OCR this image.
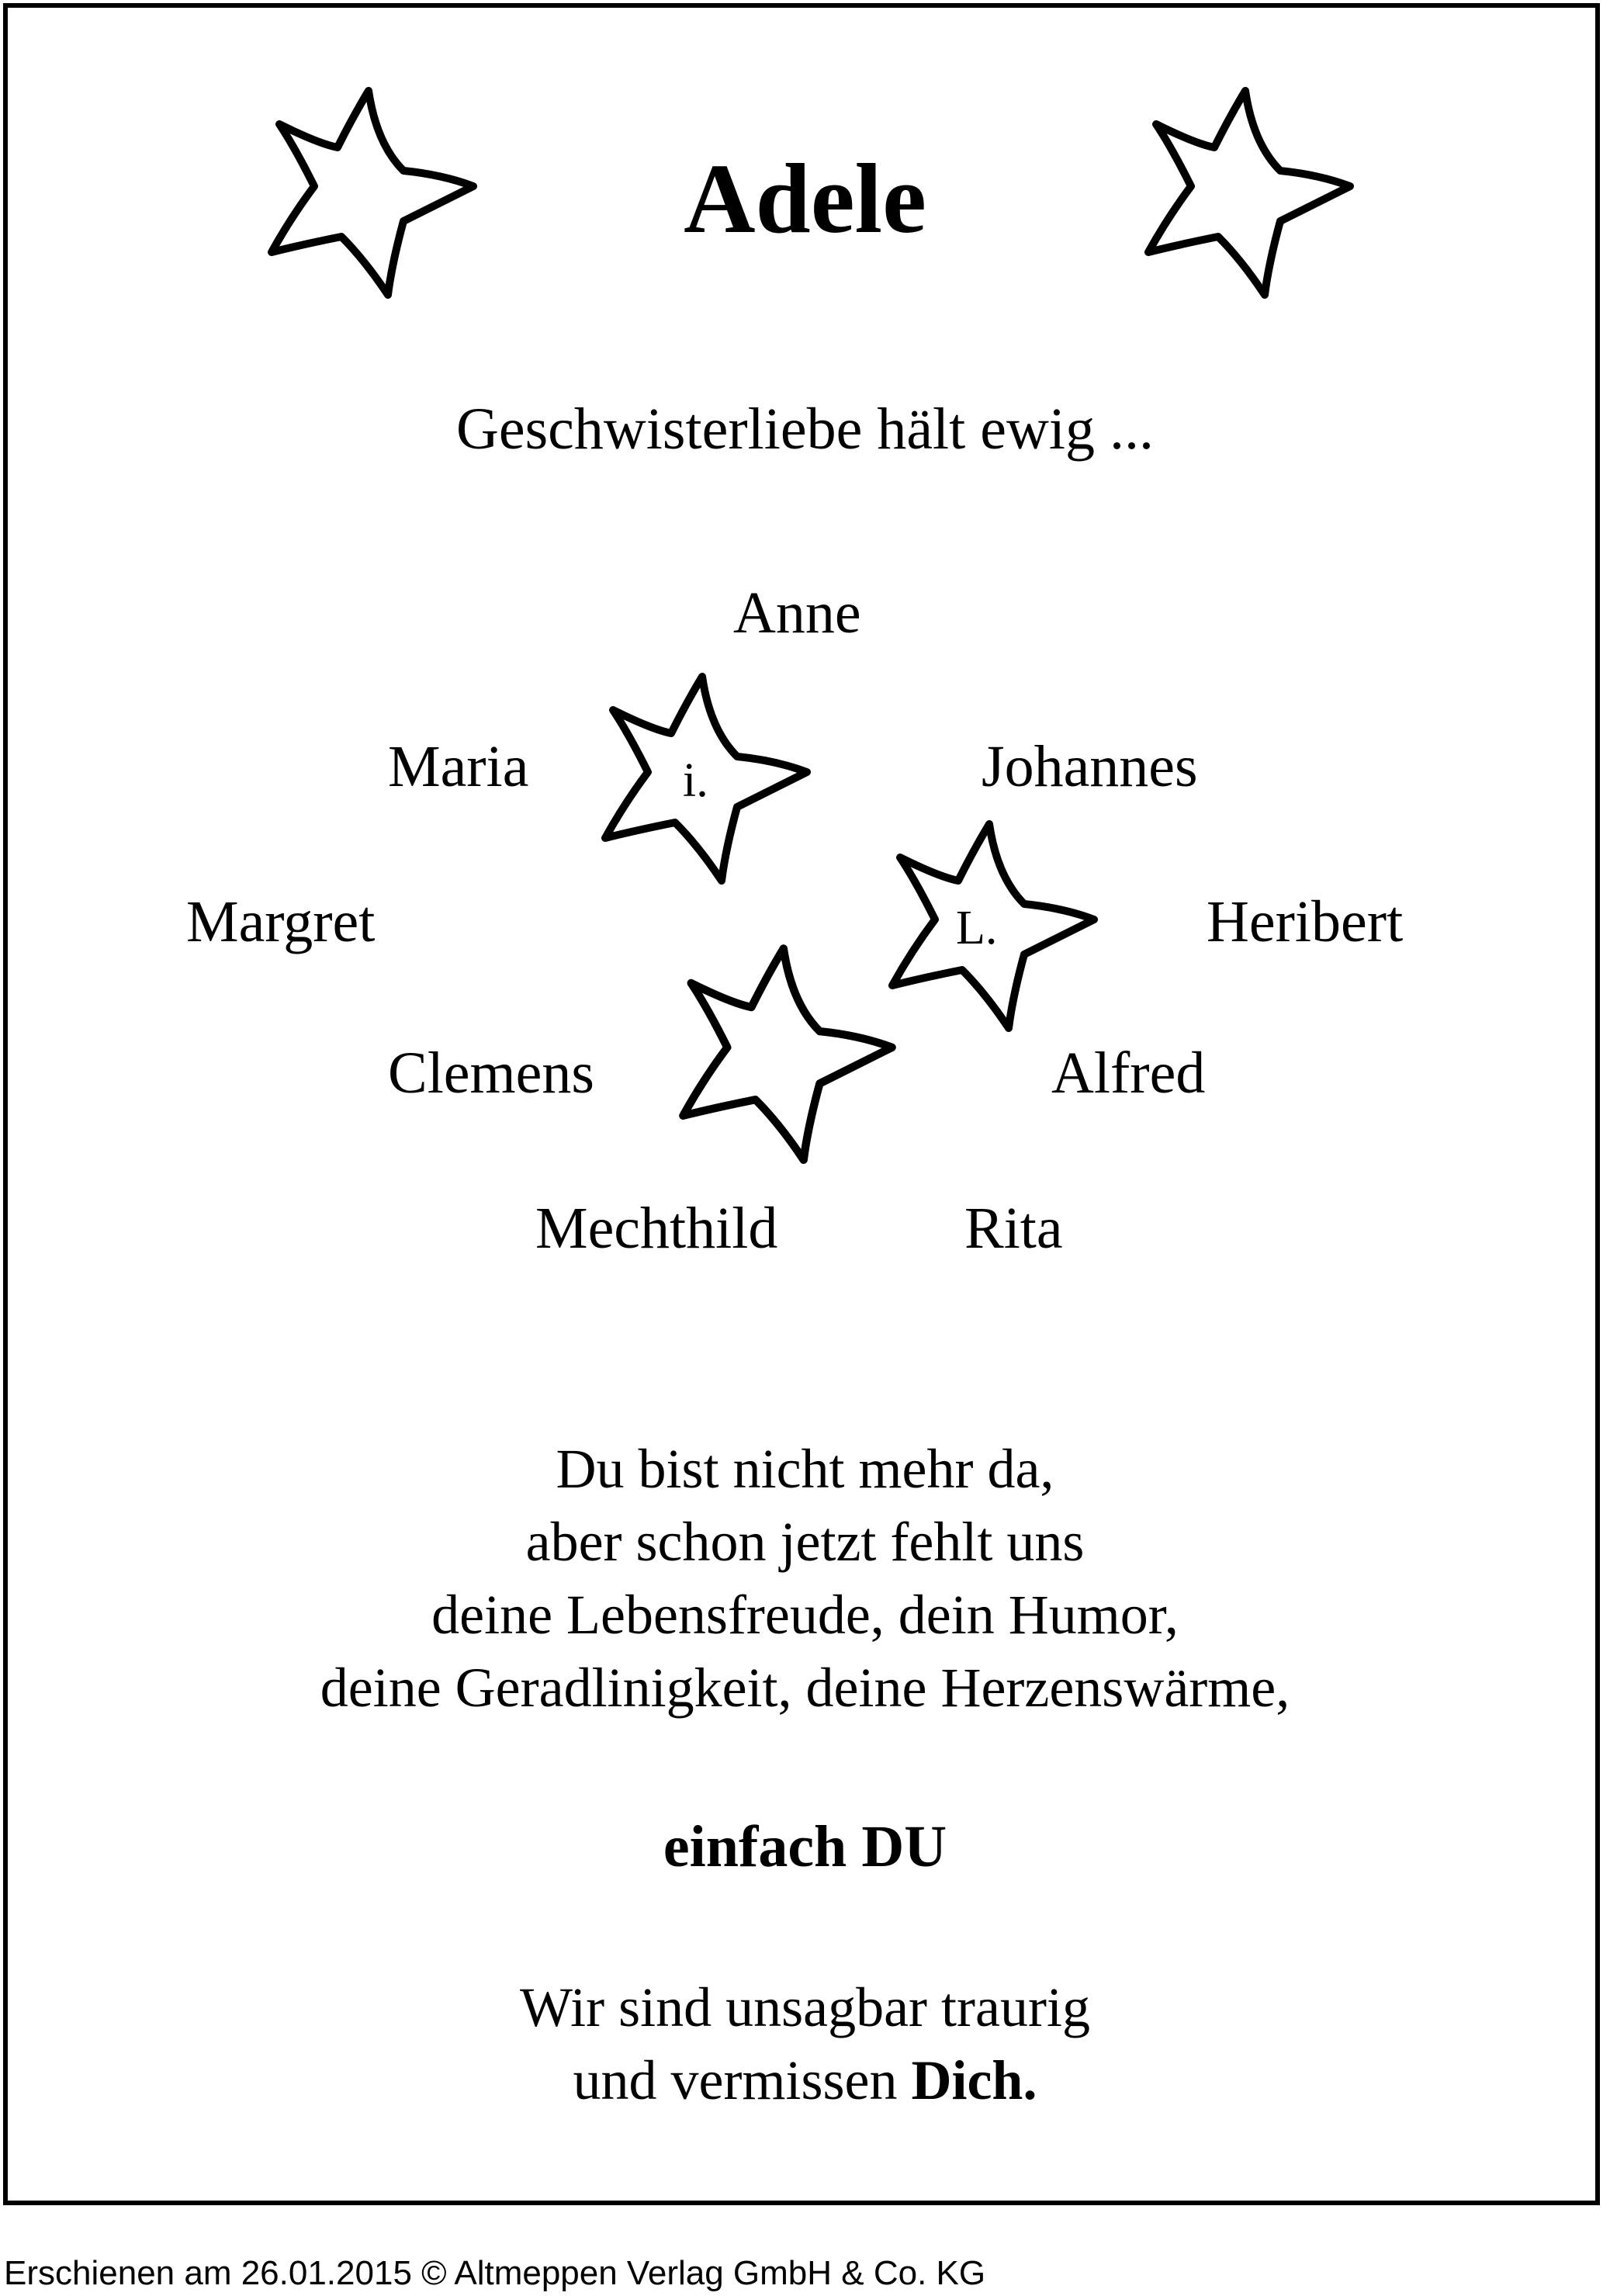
Adele
Geschwisterliebe hält ewig ...
i.
L.
Anne
Maria	Johannes
Margret	Heribert
Clemens	Alfred
Mechthild	Rita
Du bist nicht mehr da,
aber schon jetzt fehlt uns
deine Lebensfreude, dein Humor,
deine Geradlinigkeit, deine Herzenswärme,
einfach DU
Wir sind unsagbar traurig
und vermissen Dich.
Erschienen am 26.01.2015 © Altmeppen Verlag GmbH & Co. KG
